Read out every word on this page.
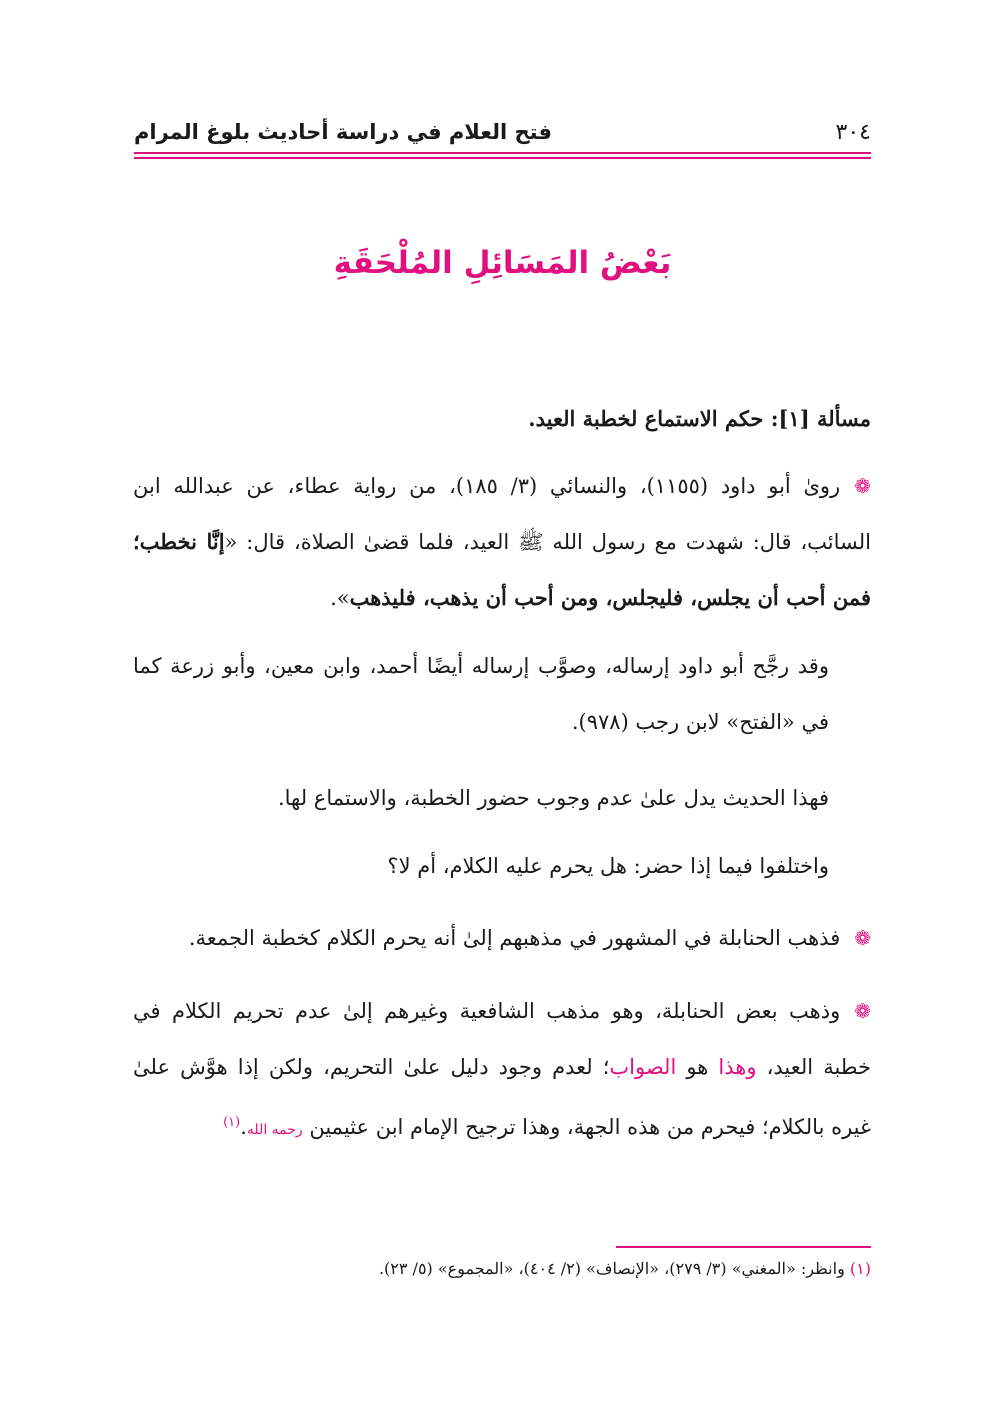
فتح العلام في دراسة أحاديث بلوغ المرام	٣٠٤
بَعْضُ المَسَائِلِ المُلْحَقَةِ
مسألة [١]: حكم الاستماع لخطبة العيد.
❁روىٰ أبو داود (١١٥٥)، والنسائي (٣/ ١٨٥)، من رواية عطاء، عن عبدالله ابن السائب، قال: شهدت مع رسول الله ﷺ العيد، فلما قضىٰ الصلاة، قال: «إنَّا نخطب؛ فمن أحب أن يجلس، فليجلس، ومن أحب أن يذهب، فليذهب».
وقد رجَّح أبو داود إرساله، وصوَّب إرساله أيضًا أحمد، وابن معين، وأبو زرعة كما في «الفتح» لابن رجب (٩٧٨).
فهذا الحديث يدل علىٰ عدم وجوب حضور الخطبة، والاستماع لها.
واختلفوا فيما إذا حضر: هل يحرم عليه الكلام، أم لا؟
❁فذهب الحنابلة في المشهور في مذهبهم إلىٰ أنه يحرم الكلام كخطبة الجمعة.
❁وذهب بعض الحنابلة، وهو مذهب الشافعية وغيرهم إلىٰ عدم تحريم الكلام في خطبة العيد، وهذا هو الصواب؛ لعدم وجود دليل علىٰ التحريم، ولكن إذا هوَّش علىٰ غيره بالكلام؛ فيحرم من هذه الجهة، وهذا ترجيح الإمام ابن عثيمين رحمه الله.$^{(١)}$
(١) وانظر: «المغني» (٣/ ٢٧٩)، «الإنصاف» (٢/ ٤٠٤)، «المجموع» (٥/ ٢٣).
